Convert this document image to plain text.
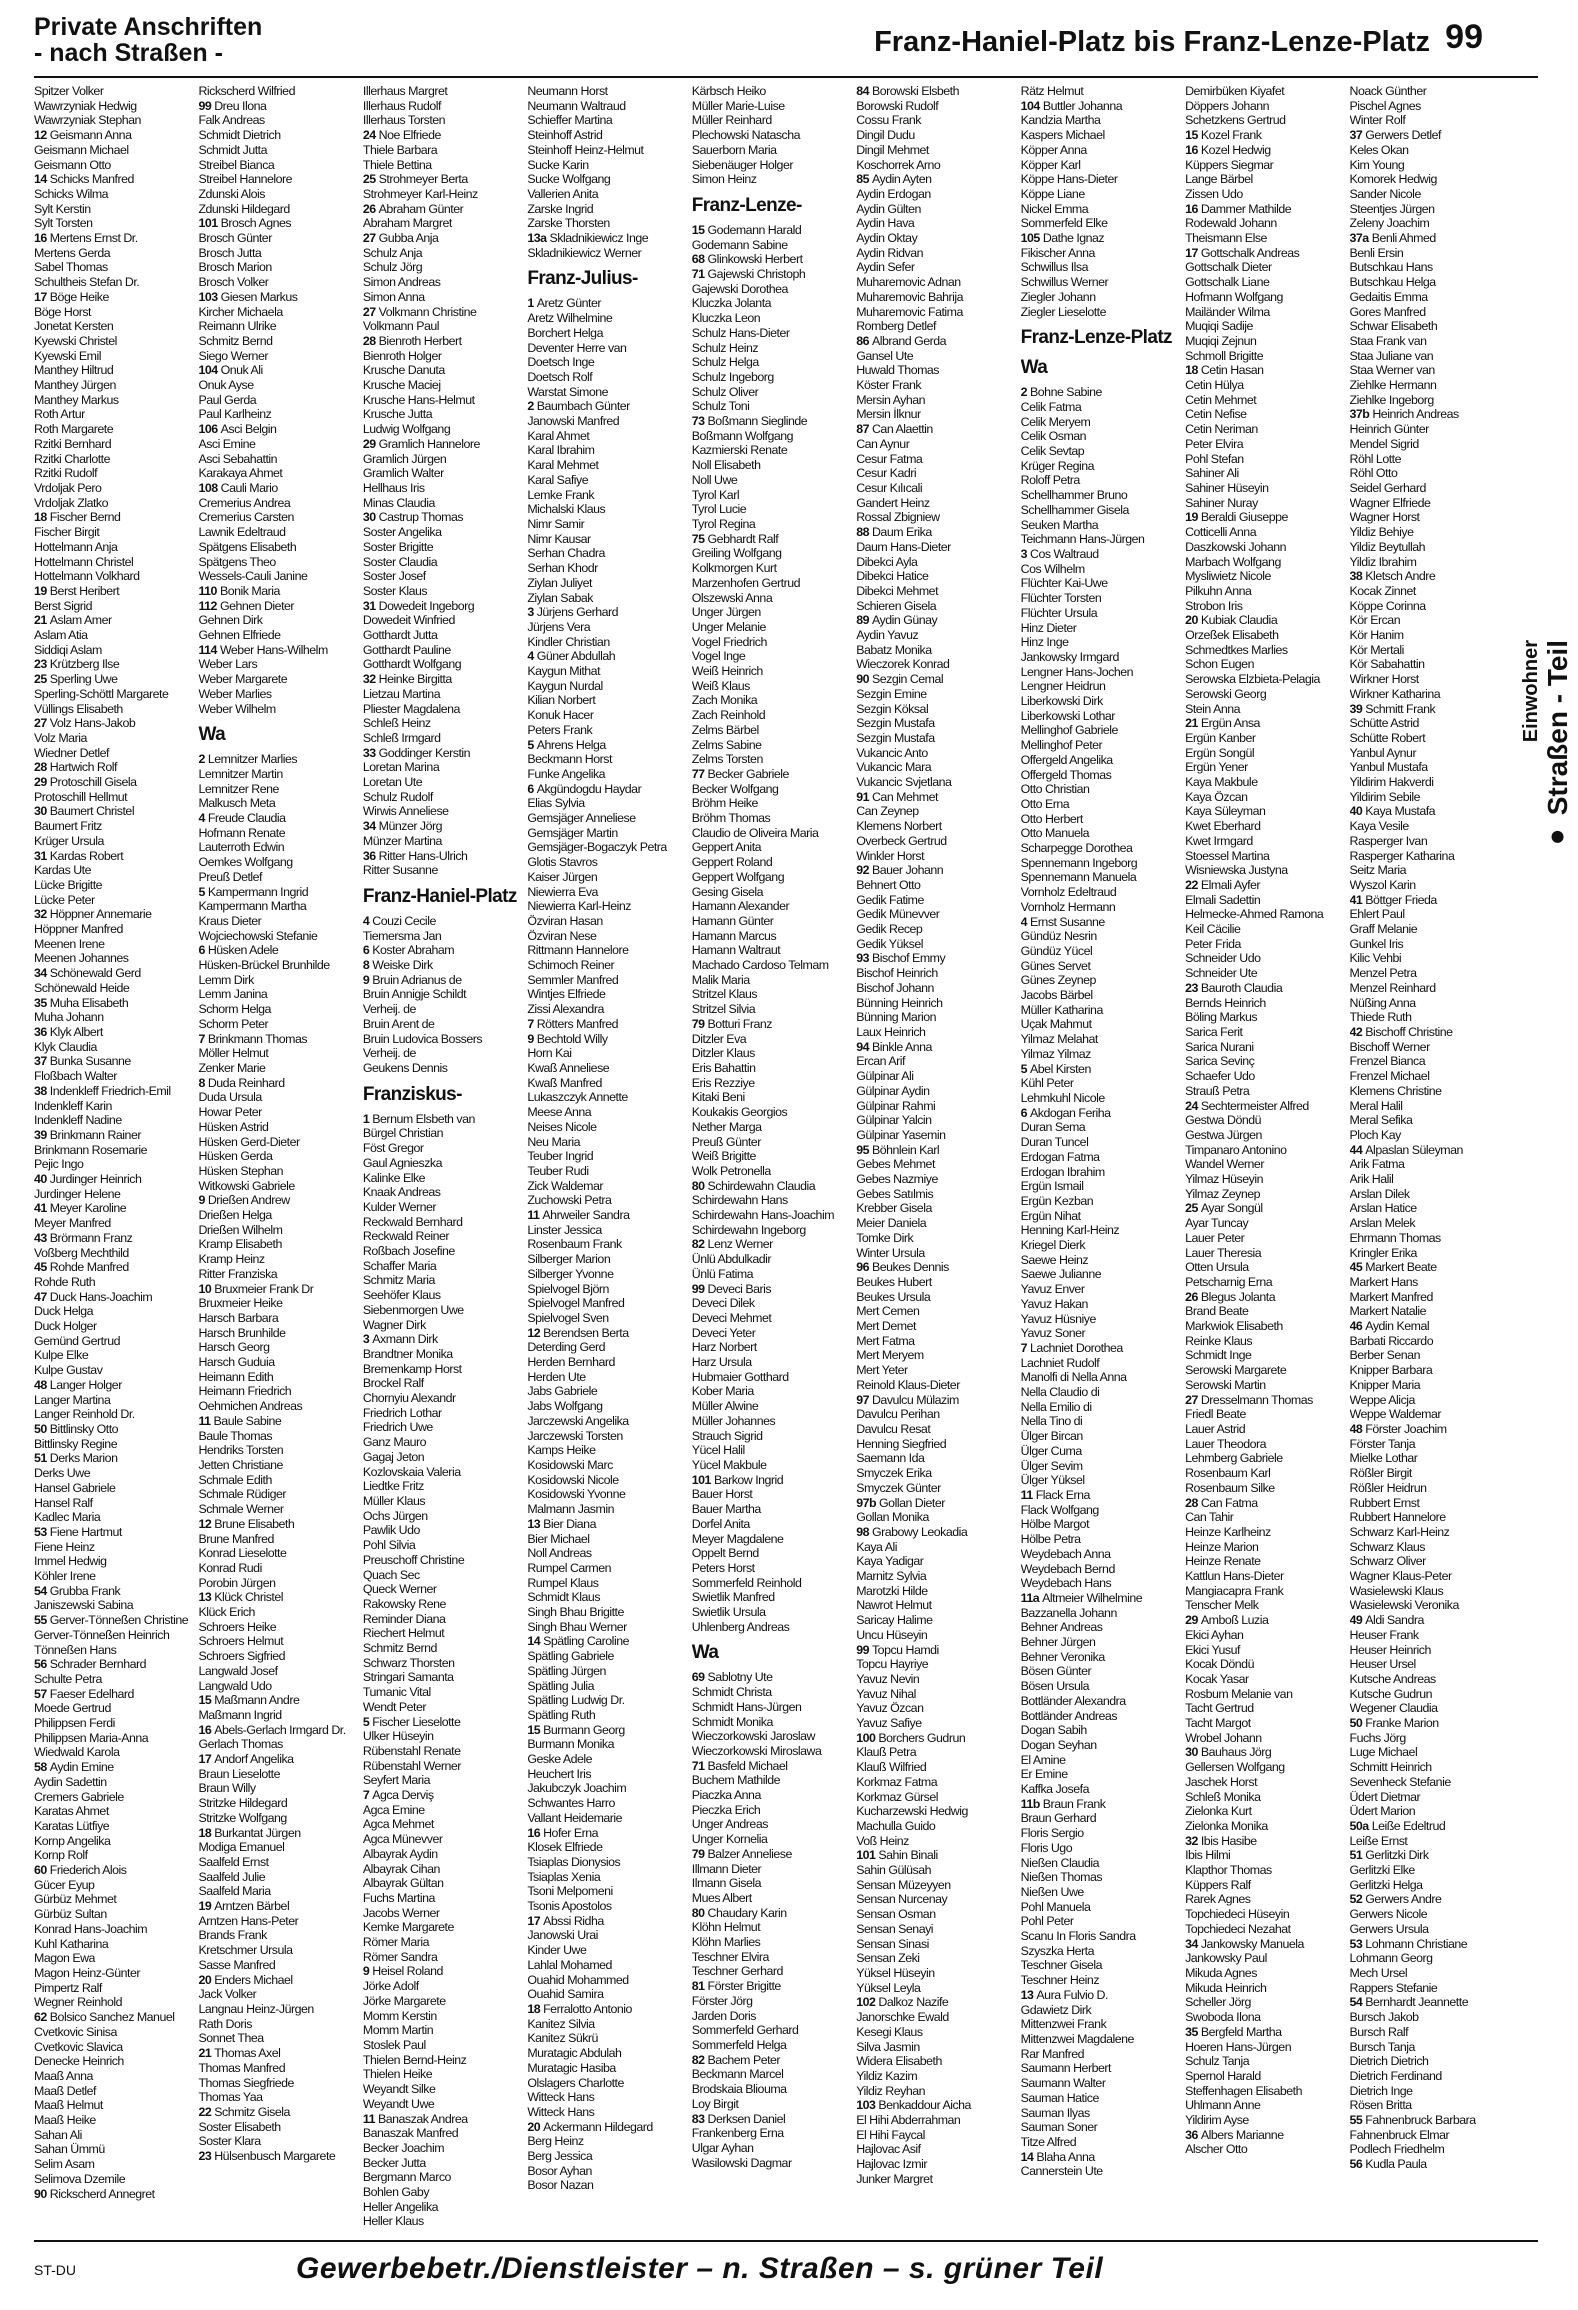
Private Anschriften
- nach Straßen -	Franz-Haniel-Platz bis Franz-Lenze-Platz 99
Spitzer Volker
Wawrzyniak Hedwig
Wawrzyniak Stephan
12 Geismann Anna
Geismann Michael
Geismann Otto
14 Schicks Manfred
Schicks Wilma
Sylt Kerstin
Sylt Torsten
16 Mertens Ernst Dr.
Mertens Gerda
Sabel Thomas
Schultheis Stefan Dr.
17 Böge Heike
Böge Horst
Jonetat Kersten
Kyewski Christel
Kyewski Emil
Manthey Hiltrud
Manthey Jürgen
Manthey Markus
Roth Artur
Roth Margarete
Rzitki Bernhard
Rzitki Charlotte
Rzitki Rudolf
Vrdoljak Pero
Vrdoljak Zlatko
18 Fischer Bernd
Fischer Birgit
Hottelmann Anja
Hottelmann Christel
Hottelmann Volkhard
19 Berst Heribert
Berst Sigrid
21 Aslam Amer
Aslam Atia
Siddiqi Aslam
23 Krützberg Ilse
25 Sperling Uwe
Sperling-Schöttl Margarete
Vüllings Elisabeth
27 Volz Hans-Jakob
Volz Maria
Wiedner Detlef
28 Hartwich Rolf
29 Protoschill Gisela
Protoschill Hellmut
30 Baumert Christel
Baumert Fritz
Krüger Ursula
31 Kardas Robert
Kardas Ute
Lücke Brigitte
Lücke Peter
32 Höppner Annemarie
Höppner Manfred
Meenen Irene
Meenen Johannes
34 Schönewald Gerd
Schönewald Heide
35 Muha Elisabeth
Muha Johann
36 Klyk Albert
Klyk Claudia
37 Bunka Susanne
Floßbach Walter
38 Indenkleff Friedrich-Emil
Indenkleff Karin
Indenkleff Nadine
39 Brinkmann Rainer
Brinkmann Rosemarie
Pejic Ingo
40 Jurdinger Heinrich
Jurdinger Helene
41 Meyer Karoline
Meyer Manfred
43 Brörmann Franz
Voßberg Mechthild
45 Rohde Manfred
Rohde Ruth
47 Duck Hans-Joachim
Duck Helga
Duck Holger
Gemünd Gertrud
Kulpe Elke
Kulpe Gustav
48 Langer Holger
Langer Martina
Langer Reinhold Dr.
50 Bittlinsky Otto
Bittlinsky Regine
51 Derks Marion
Derks Uwe
Hansel Gabriele
Hansel Ralf
Kadlec Maria
53 Fiene Hartmut
Fiene Heinz
Immel Hedwig
Köhler Irene
54 Grubba Frank
Janiszewski Sabina
55 Gerver-Tönneßen Christine
Gerver-Tönneßen Heinrich
Tönneßen Hans
56 Schrader Bernhard
Schulte Petra
57 Faeser Edelhard
Moede Gertrud
Philippsen Ferdi
Philippsen Maria-Anna
Wiedwald Karola
58 Aydin Emine
Aydin Sadettin
Cremers Gabriele
Karatas Ahmet
Karatas Lütfiye
Kornp Angelika
Kornp Rolf
60 Friederich Alois
Gücer Eyup
Gürbüz Mehmet
Gürbüz Sultan
Konrad Hans-Joachim
Kuhl Katharina
Magon Ewa
Magon Heinz-Günter
Pimpertz Ralf
Wegner Reinhold
62 Bolsico Sanchez Manuel
Cvetkovic Sinisa
Cvetkovic Slavica
Denecke Heinrich
Maaß Anna
Maaß Detlef
Maaß Helmut
Maaß Heike
Sahan Ali
Sahan Ümmü
Selim Asam
Selimova Dzemile
90 Rickscherd Annegret
Rickscherd Wilfried
99 Dreu Ilona
Falk Andreas
Schmidt Dietrich
Schmidt Jutta
Streibel Bianca
Streibel Hannelore
Zdunski Alois
Zdunski Hildegard
101 Brosch Agnes
Brosch Günter
Brosch Jutta
Brosch Marion
Brosch Volker
103 Giesen Markus
Kircher Michaela
Reimann Ulrike
Schmitz Bernd
Siego Werner
104 Onuk Ali
Onuk Ayse
Paul Gerda
Paul Karlheinz
106 Asci Belgin
Asci Emine
Asci Sebahattin
Karakaya Ahmet
108 Cauli Mario
Cremerius Andrea
Cremerius Carsten
Lawnik Edeltraud
Spätgens Elisabeth
Spätgens Theo
Wessels-Cauli Janine
110 Bonik Maria
112 Gehnen Dieter
Gehnen Dirk
Gehnen Elfriede
114 Weber Hans-Wilhelm
Weber Lars
Weber Margarete
Weber Marlies
Weber Wilhelm
Wa
2 Lemnitzer Marlies
Lemnitzer Martin
Lemnitzer Rene
Malkusch Meta
4 Freude Claudia
Hofmann Renate
Lauterroth Edwin
Oemkes Wolfgang
Preuß Detlef
5 Kampermann Ingrid
Kampermann Martha
Kraus Dieter
Wojciechowski Stefanie
6 Hüsken Adele
Hüsken-Brückel Brunhilde
Lemm Dirk
Lemm Janina
Schorm Helga
Schorm Peter
7 Brinkmann Thomas
Möller Helmut
Zenker Marie
8 Duda Reinhard
Duda Ursula
Howar Peter
Hüsken Astrid
Hüsken Gerd-Dieter
Hüsken Gerda
Hüsken Stephan
Witkowski Gabriele
9 Drießen Andrew
Drießen Helga
Drießen Wilhelm
Kramp Elisabeth
Kramp Heinz
Ritter Franziska
10 Bruxmeier Frank Dr
Bruxmeier Heike
Harsch Barbara
Harsch Brunhilde
Harsch Georg
Harsch Guduia
Heimann Edith
Heimann Friedrich
Oehmichen Andreas
11 Baule Sabine
Baule Thomas
Hendriks Torsten
Jetten Christiane
Schmale Edith
Schmale Rüdiger
Schmale Werner
12 Brune Elisabeth
Brune Manfred
Konrad Lieselotte
Konrad Rudi
Porobin Jürgen
13 Klück Christel
Klück Erich
Schroers Heike
Schroers Helmut
Schroers Sigfried
Langwald Josef
Langwald Udo
15 Maßmann Andre
Maßmann Ingrid
16 Abels-Gerlach Irmgard Dr.
Gerlach Thomas
17 Andorf Angelika
Braun Lieselotte
Braun Willy
Stritzke Hildegard
Stritzke Wolfgang
18 Burkantat Jürgen
Modiga Emanuel
Saalfeld Ernst
Saalfeld Julie
Saalfeld Maria
19 Arntzen Bärbel
Arntzen Hans-Peter
Brands Frank
Kretschmer Ursula
Sasse Manfred
20 Enders Michael
Jack Volker
Langnau Heinz-Jürgen
Rath Doris
Sonnet Thea
21 Thomas Axel
Thomas Manfred
Thomas Siegfriede
Thomas Yaa
22 Schmitz Gisela
Soster Elisabeth
Soster Klara
23 Hülsenbusch Margarete
Illerhaus Margret
Illerhaus Rudolf
Illerhaus Torsten
24 Noe Elfriede
Thiele Barbara
Thiele Bettina
25 Strohmeyer Berta
Strohmeyer Karl-Heinz
26 Abraham Günter
Abraham Margret
27 Gubba Anja
Schulz Anja
Schulz Jörg
Simon Andreas
Simon Anna
27 Volkmann Christine
Volkmann Paul
28 Bienroth Herbert
Bienroth Holger
Krusche Danuta
Krusche Maciej
Krusche Hans-Helmut
Krusche Jutta
Ludwig Wolfgang
29 Gramlich Hannelore
Gramlich Jürgen
Gramlich Walter
Hellhaus Iris
Minas Claudia
30 Castrup Thomas
Soster Angelika
Soster Brigitte
Soster Claudia
Soster Josef
Soster Klaus
31 Dowedeit Ingeborg
Dowedeit Winfried
Gotthardt Jutta
Gotthardt Pauline
Gotthardt Wolfgang
32 Heinke Birgitta
Lietzau Martina
Pliester Magdalena
Schleß Heinz
Schleß Irmgard
33 Goddinger Kerstin
Loretan Marina
Loretan Ute
Schulz Rudolf
Wirwis Anneliese
34 Münzer Jörg
Münzer Martina
36 Ritter Hans-Ulrich
Ritter Susanne
Franz-Haniel-Platz
4 Couzi Cecile
Tiemersma Jan
6 Koster Abraham
8 Weiske Dirk
9 Bruin Adrianus de
Bruin Annigje Schildt
Verheij. de
Bruin Arent de
Bruin Ludovica Bossers
Verheij. de
Geukens Dennis
Franziskus-
1 Bernum Elsbeth van
Bürgel Christian
Föst Gregor
Gaul Agnieszka
Kalinke Elke
Knaak Andreas
Kulder Werner
Reckwald Bernhard
Reckwald Reiner
Roßbach Josefine
Schaffer Maria
Schmitz Maria
Seehöfer Klaus
Siebenmorgen Uwe
Wagner Dirk
3 Axmann Dirk
Brandtner Monika
Bremenkamp Horst
Brockel Ralf
Chornyiu Alexandr
Friedrich Lothar
Friedrich Uwe
Ganz Mauro
Gagaj Jeton
Kozlovskaia Valeria
Liedtke Fritz
Müller Klaus
Ochs Jürgen
Pawlik Udo
Pohl Silvia
Preuschoff Christine
Quach Sec
Queck Werner
Rakowsky Rene
Reminder Diana
Riechert Helmut
Schmitz Bernd
Schwarz Thorsten
Stringari Samanta
Tumanic Vital
Wendt Peter
5 Fischer Lieselotte
Ulker Hüseyin
Rübenstahl Renate
Rübenstahl Werner
Seyfert Maria
7 Agca Derviş
Agca Emine
Agca Mehmet
Agca Münevver
Albayrak Aydin
Albayrak Cihan
Albayrak Gültan
Fuchs Martina
Jacobs Werner
Kemke Margarete
Römer Maria
Römer Sandra
9 Heisel Roland
Jörke Adolf
Jörke Margarete
Momm Kerstin
Momm Martin
Stoslek Paul
Thielen Bernd-Heinz
Thielen Heike
Weyandt Silke
Weyandt Uwe
11 Banaszak Andrea
Banaszak Manfred
Becker Joachim
Becker Jutta
Bergmann Marco
Bohlen Gaby
Heller Angelika
Heller Klaus
Neumann Horst
Neumann Waltraud
Schieffer Martina
Steinhoff Astrid
Steinhoff Heinz-Helmut
Sucke Karin
Sucke Wolfgang
Vallerien Anita
Zarske Ingrid
Zarske Thorsten
13a Skladnikiewicz Inge
Skladnikiewicz Werner
Franz-Julius-
1 Aretz Günter
Aretz Wilhelmine
Borchert Helga
Deventer Herre van
Doetsch Inge
Doetsch Rolf
Warstat Simone
2 Baumbach Günter
Janowski Manfred
Karal Ahmet
Karal Ibrahim
Karal Mehmet
Karal Safiye
Lemke Frank
Michalski Klaus
Nimr Samir
Nimr Kausar
Serhan Chadra
Serhan Khodr
Ziylan Juliyet
Ziylan Sabak
3 Jürjens Gerhard
Jürjens Vera
Kindler Christian
4 Güner Abdullah
Kaygun Mithat
Kaygun Nurdal
Kilian Norbert
Konuk Hacer
Peters Frank
5 Ahrens Helga
Beckmann Horst
Funke Angelika
6 Akgündogdu Haydar
Elias Sylvia
Gemsjäger Anneliese
Gemsjäger Martin
Gemsjäger-Bogaczyk Petra
Glotis Stavros
Kaiser Jürgen
Niewierra Eva
Niewierra Karl-Heinz
Özviran Hasan
Özviran Nese
Rittmann Hannelore
Schimoch Reiner
Semmler Manfred
Wintjes Elfriede
Zissi Alexandra
7 Rötters Manfred
9 Bechtold Willy
Horn Kai
Kwaß Anneliese
Kwaß Manfred
Lukaszczyk Annette
Meese Anna
Neises Nicole
Neu Maria
Teuber Ingrid
Teuber Rudi
Zick Waldemar
Zuchowski Petra
11 Ahrweiler Sandra
Linster Jessica
Rosenbaum Frank
Silberger Marion
Silberger Yvonne
Spielvogel Björn
Spielvogel Manfred
Spielvogel Sven
12 Berendsen Berta
Deterding Gerd
Herden Bernhard
Herden Ute
Jabs Gabriele
Jabs Wolfgang
Jarczewski Angelika
Jarczewski Torsten
Kamps Heike
Kosidowski Marc
Kosidowski Nicole
Kosidowski Yvonne
Malmann Jasmin
13 Bier Diana
Bier Michael
Noll Andreas
Rumpel Carmen
Rumpel Klaus
Schmidt Klaus
Singh Bhau Brigitte
Singh Bhau Werner
14 Spätling Caroline
Spätling Gabriele
Spätling Jürgen
Spätling Julia
Spätling Ludwig Dr.
Spätling Ruth
15 Burmann Georg
Burmann Monika
Geske Adele
Heuchert Iris
Jakubczyk Joachim
Schwantes Harro
Vallant Heidemarie
16 Hofer Erna
Klosek Elfriede
Tsiaplas Dionysios
Tsiaplas Xenia
Tsoni Melpomeni
Tsonis Apostolos
17 Abssi Ridha
Janowski Urai
Kinder Uwe
Lahlal Mohamed
Ouahid Mohammed
Ouahid Samira
18 Ferralotto Antonio
Kanitez Silvia
Kanitez Sükrü
Muratagic Abdulah
Muratagic Hasiba
Olslagers Charlotte
Witteck Hans
Witteck Hans
20 Ackermann Hildegard
Berg Heinz
Berg Jessica
Bosor Ayhan
Bosor Nazan
Kärbsch Heiko
Müller Marie-Luise
Müller Reinhard
Plechowski Natascha
Sauerborn Maria
Siebenäuger Holger
Simon Heinz
Franz-Lenze-
15 Godemann Harald
Godemann Sabine
68 Glinkowski Herbert
71 Gajewski Christoph
Gajewski Dorothea
Kluczka Jolanta
Kluczka Leon
Schulz Hans-Dieter
Schulz Heinz
Schulz Helga
Schulz Ingeborg
Schulz Oliver
Schulz Toni
73 Boßmann Sieglinde
Boßmann Wolfgang
Kazmierski Renate
Noll Elisabeth
Noll Uwe
Tyrol Karl
Tyrol Lucie
Tyrol Regina
75 Gebhardt Ralf
Greiling Wolfgang
Kolkmorgen Kurt
Marzenhofen Gertrud
Olszewski Anna
Unger Jürgen
Unger Melanie
Vogel Friedrich
Vogel Inge
Weiß Heinrich
Weiß Klaus
Zach Monika
Zach Reinhold
Zelms Bärbel
Zelms Sabine
Zelms Torsten
77 Becker Gabriele
Becker Wolfgang
Bröhm Heike
Bröhm Thomas
Claudio de Oliveira Maria
Geppert Anita
Geppert Roland
Geppert Wolfgang
Gesing Gisela
Hamann Alexander
Hamann Günter
Hamann Marcus
Hamann Waltraut
Machado Cardoso Telmam
Malik Maria
Stritzel Klaus
Stritzel Silvia
79 Botturi Franz
Ditzler Eva
Ditzler Klaus
Eris Bahattin
Eris Rezziye
Kitaki Beni
Koukakis Georgios
Nether Marga
Preuß Günter
Weiß Brigitte
Wolk Petronella
80 Schirdewahn Claudia
Schirdewahn Hans
Schirdewahn Hans-Joachim
Schirdewahn Ingeborg
82 Lenz Werner
Ünlü Abdulkadir
Ünlü Fatima
99 Deveci Baris
Deveci Dilek
Deveci Mehmet
Deveci Yeter
Harz Norbert
Harz Ursula
Hubmaier Gotthard
Kober Maria
Müller Alwine
Müller Johannes
Strauch Sigrid
Yücel Halil
Yücel Makbule
101 Barkow Ingrid
Bauer Horst
Bauer Martha
Dorfel Anita
Meyer Magdalene
Oppelt Bernd
Peters Horst
Sommerfeld Reinhold
Swietlik Manfred
Swietlik Ursula
Uhlenberg Andreas
Wa
69 Sablotny Ute
Schmidt Christa
Schmidt Hans-Jürgen
Schmidt Monika
Wieczorkowski Jaroslaw
Wieczorkowski Miroslawa
71 Basfeld Michael
Buchem Mathilde
Piaczka Anna
Pieczka Erich
Unger Andreas
Unger Kornelia
79 Balzer Anneliese
Illmann Dieter
Ilmann Gisela
Mues Albert
80 Chaudary Karin
Klöhn Helmut
Klöhn Marlies
Teschner Elvira
Teschner Gerhard
81 Förster Brigitte
Förster Jörg
Jarden Doris
Sommerfeld Gerhard
Sommerfeld Helga
82 Bachem Peter
Beckmann Marcel
Brodskaia Bliouma
Loy Birgit
83 Derksen Daniel
Frankenberg Erna
Ulgar Ayhan
Wasilowski Dagmar
84 Borowski Elsbeth
Borowski Rudolf
Cossu Frank
Dingil Dudu
Dingil Mehmet
Koschorrek Arno
85 Aydin Ayten
Aydin Erdogan
Aydin Gülten
Aydin Hava
Aydin Oktay
Aydin Ridvan
Aydin Sefer
Muharemovic Adnan
Muharemovic Bahrija
Muharemovic Fatima
Romberg Detlef
86 Albrand Gerda
Gansel Ute
Huwald Thomas
Köster Frank
Mersin Ayhan
Mersin İlknur
87 Can Alaettin
Can Aynur
Cesur Fatma
Cesur Kadri
Cesur Kılıcali
Gandert Heinz
Rossal Zbigniew
88 Daum Erika
Daum Hans-Dieter
Dibekci Ayla
Dibekci Hatice
Dibekci Mehmet
Schieren Gisela
89 Aydin Günay
Aydin Yavuz
Babatz Monika
Wieczorek Konrad
90 Sezgin Cemal
Sezgin Emine
Sezgin Köksal
Sezgin Mustafa
Sezgin Mustafa
Vukancic Anto
Vukancic Mara
Vukancic Svjetlana
91 Can Mehmet
Can Zeynep
Klemens Norbert
Overbeck Gertrud
Winkler Horst
92 Bauer Johann
Behnert Otto
Gedik Fatime
Gedik Münevver
Gedik Recep
Gedik Yüksel
93 Bischof Emmy
Bischof Heinrich
Bischof Johann
Bünning Heinrich
Bünning Marion
Laux Heinrich
94 Binkle Anna
Ercan Arif
Gülpinar Ali
Gülpinar Aydin
Gülpinar Rahmi
Gülpinar Yalcin
Gülpinar Yasemin
95 Böhnlein Karl
Gebes Mehmet
Gebes Nazmiye
Gebes Satılmis
Krebber Gisela
Meier Daniela
Tomke Dirk
Winter Ursula
96 Beukes Dennis
Beukes Hubert
Beukes Ursula
Mert Cemen
Mert Demet
Mert Fatma
Mert Meryem
Mert Yeter
Reinold Klaus-Dieter
97 Davulcu Mülazim
Davulcu Perihan
Davulcu Resat
Henning Siegfried
Saemann Ida
Smyczek Erika
Smyczek Günter
97b Gollan Dieter
Gollan Monika
98 Grabowy Leokadia
Kaya Ali
Kaya Yadigar
Marnitz Sylvia
Marotzki Hilde
Nawrot Helmut
Saricay Halime
Uncu Hüseyin
99 Topcu Hamdi
Topcu Hayriye
Yavuz Nevin
Yavuz Nihal
Yavuz Özcan
Yavuz Safiye
100 Borchers Gudrun
Klauß Petra
Klauß Wilfried
Korkmaz Fatma
Korkmaz Gürsel
Kucharzewski Hedwig
Machulla Guido
Voß Heinz
101 Sahin Binali
Sahin Gülüsah
Sensan Müzeyyen
Sensan Nurcenay
Sensan Osman
Sensan Senayi
Sensan Sinasi
Sensan Zeki
Yüksel Hüseyin
Yüksel Leyla
102 Dalkoz Nazife
Janorschke Ewald
Kesegi Klaus
Silva Jasmin
Widera Elisabeth
Yildiz Kazim
Yildiz Reyhan
103 Benkaddour Aicha
El Hihi Abderrahman
El Hihi Faycal
Hajlovac Asif
Hajlovac Izmir
Junker Margret
Rätz Helmut
104 Buttler Johanna
Kandzia Martha
Kaspers Michael
Köpper Anna
Köpper Karl
Köppe Hans-Dieter
Köppe Liane
Nickel Emma
Sommerfeld Elke
105 Dathe Ignaz
Fikischer Anna
Schwillus Ilsa
Schwillus Werner
Ziegler Johann
Ziegler Lieselotte
Franz-Lenze-Platz
Wa
2 Bohne Sabine
Celik Fatma
Celik Meryem
Celik Osman
Celik Sevtap
Krüger Regina
Roloff Petra
Schellhammer Bruno
Schellhammer Gisela
Seuken Martha
Teichmann Hans-Jürgen
3 Cos Waltraud
Cos Wilhelm
Flüchter Kai-Uwe
Flüchter Torsten
Flüchter Ursula
Hinz Dieter
Hinz Inge
Jankowsky Irmgard
Lengner Hans-Jochen
Lengner Heidrun
Liberkowski Dirk
Liberkowski Lothar
Mellinghof Gabriele
Mellinghof Peter
Offergeld Angelika
Offergeld Thomas
Otto Christian
Otto Erna
Otto Herbert
Otto Manuela
Scharpegge Dorothea
Spennemann Ingeborg
Spennemann Manuela
Vornholz Edeltraud
Vornholz Hermann
4 Ernst Susanne
Gündüz Nesrin
Gündüz Yücel
Günes Servet
Günes Zeynep
Jacobs Bärbel
Müller Katharina
Uçak Mahmut
Yilmaz Melahat
Yilmaz Yilmaz
5 Abel Kirsten
Kühl Peter
Lehmkuhl Nicole
6 Akdogan Feriha
Duran Sema
Duran Tuncel
Erdogan Fatma
Erdogan Ibrahim
Ergün Ismail
Ergün Kezban
Ergün Nihat
Henning Karl-Heinz
Kriegel Dierk
Saewe Heinz
Saewe Julianne
Yavuz Enver
Yavuz Hakan
Yavuz Hüsniye
Yavuz Soner
7 Lachniet Dorothea
Lachniet Rudolf
Manolfi di Nella Anna
Nella Claudio di
Nella Emilio di
Nella Tino di
Ülger Bircan
Ülger Cuma
Ülger Sevim
Ülger Yüksel
11 Flack Erna
Flack Wolfgang
Hölbe Margot
Hölbe Petra
Weydebach Anna
Weydebach Bernd
Weydebach Hans
11a Altmeier Wilhelmine
Bazzanella Johann
Behner Andreas
Behner Jürgen
Behner Veronika
Bösen Günter
Bösen Ursula
Bottländer Alexandra
Bottländer Andreas
Dogan Sabih
Dogan Seyhan
El Amine
Er Emine
Kaffka Josefa
11b Braun Frank
Braun Gerhard
Floris Sergio
Floris Ugo
Nießen Claudia
Nießen Thomas
Nießen Uwe
Pohl Manuela
Pohl Peter
Scanu In Floris Sandra
Szyszka Herta
Teschner Gisela
Teschner Heinz
13 Aura Fulvio D.
Gdawietz Dirk
Mittenzwei Frank
Mittenzwei Magdalene
Rar Manfred
Saumann Herbert
Saumann Walter
Sauman Hatice
Sauman Ilyas
Sauman Soner
Titze Alfred
14 Blaha Anna
Cannerstein Ute
Demirbüken Kiyafet
Döppers Johann
Schetzkens Gertrud
15 Kozel Frank
16 Kozel Hedwig
Küppers Siegmar
Lange Bärbel
Zissen Udo
16 Dammer Mathilde
Rodewald Johann
Theismann Else
17 Gottschalk Andreas
Gottschalk Dieter
Gottschalk Liane
Hofmann Wolfgang
Mailänder Wilma
Muqiqi Sadije
Muqiqi Zejnun
Schmoll Brigitte
18 Cetin Hasan
Cetin Hülya
Cetin Mehmet
Cetin Nefise
Cetin Neriman
Peter Elvira
Pohl Stefan
Sahiner Ali
Sahiner Hüseyin
Sahiner Nuray
19 Beraldi Giuseppe
Cotticelli Anna
Daszkowski Johann
Marbach Wolfgang
Mysliwietz Nicole
Pilkuhn Anna
Strobon Iris
20 Kubiak Claudia
Orzeßek Elisabeth
Schmedtkes Marlies
Schon Eugen
Serowska Elzbieta-Pelagia
Serowski Georg
Stein Anna
21 Ergün Ansa
Ergün Kanber
Ergün Songül
Ergün Yener
Kaya Makbule
Kaya Özcan
Kaya Süleyman
Kwet Eberhard
Kwet Irmgard
Stoessel Martina
Wisniewska Justyna
22 Elmali Ayfer
Elmali Sadettin
Helmecke-Ahmed Ramona
Keil Cäcilie
Peter Frida
Schneider Udo
Schneider Ute
23 Bauroth Claudia
Bernds Heinrich
Böling Markus
Sarica Ferit
Sarica Nurani
Sarica Sevinç
Schaefer Udo
Strauß Petra
24 Sechtermeister Alfred
Gestwa Döndü
Gestwa Jürgen
Timpanaro Antonino
Wandel Werner
Yilmaz Hüseyin
Yilmaz Zeynep
25 Ayar Songül
Ayar Tuncay
Lauer Peter
Lauer Theresia
Otten Ursula
Petscharnig Erna
26 Blegus Jolanta
Brand Beate
Markwiok Elisabeth
Reinke Klaus
Schmidt Inge
Serowski Margarete
Serowski Martin
27 Dresselmann Thomas
Friedl Beate
Lauer Astrid
Lauer Theodora
Lehmberg Gabriele
Rosenbaum Karl
Rosenbaum Silke
28 Can Fatma
Can Tahir
Heinze Karlheinz
Heinze Marion
Heinze Renate
Kattlun Hans-Dieter
Mangiacapra Frank
Tenscher Melk
29 Amboß Luzia
Ekici Ayhan
Ekici Yusuf
Kocak Döndü
Kocak Yasar
Rosbum Melanie van
Tacht Gertrud
Tacht Margot
Wrobel Johann
30 Bauhaus Jörg
Gellersen Wolfgang
Jaschek Horst
Schleß Monika
Zielonka Kurt
Zielonka Monika
32 Ibis Hasibe
Ibis Hilmi
Klapthor Thomas
Küppers Ralf
Rarek Agnes
Topchiedeci Hüseyin
Topchiedeci Nezahat
34 Jankowsky Manuela
Jankowsky Paul
Mikuda Agnes
Mikuda Heinrich
Scheller Jörg
Swoboda Ilona
35 Bergfeld Martha
Hoeren Hans-Jürgen
Schulz Tanja
Spernol Harald
Steffenhagen Elisabeth
Uhlmann Anne
Yildirim Ayse
36 Albers Marianne
Alscher Otto
Noack Günther
Pischel Agnes
Winter Rolf
37 Gerwers Detlef
Keles Okan
Kim Young
Komorek Hedwig
Sander Nicole
Steentjes Jürgen
Zeleny Joachim
37a Benli Ahmed
Benli Ersin
Butschkau Hans
Butschkau Helga
Gedaitis Emma
Gores Manfred
Schwar Elisabeth
Staa Frank van
Staa Juliane van
Staa Werner van
Ziehlke Hermann
Ziehlke Ingeborg
37b Heinrich Andreas
Heinrich Günter
Mendel Sigrid
Röhl Lotte
Röhl Otto
Seidel Gerhard
Wagner Elfriede
Wagner Horst
Yildiz Behiye
Yildiz Beytullah
Yildiz Ibrahim
38 Kletsch Andre
Kocak Zinnet
Köppe Corinna
Kör Ercan
Kör Hanim
Kör Mertali
Kör Sabahattin
Wirkner Horst
Wirkner Katharina
39 Schmitt Frank
Schütte Astrid
Schütte Robert
Yanbul Aynur
Yanbul Mustafa
Yildirim Hakverdi
Yildirim Sebile
40 Kaya Mustafa
Kaya Vesile
Rasperger Ivan
Rasperger Katharina
Seitz Maria
Wyszol Karin
41 Böttger Frieda
Ehlert Paul
Graff Melanie
Gunkel Iris
Kilic Vehbi
Menzel Petra
Menzel Reinhard
Nüßing Anna
Thiede Ruth
42 Bischoff Christine
Bischoff Werner
Frenzel Bianca
Frenzel Michael
Klemens Christine
Meral Halil
Meral Sefika
Ploch Kay
44 Alpaslan Süleyman
Arik Fatma
Arik Halil
Arslan Dilek
Arslan Hatice
Arslan Melek
Ehrmann Thomas
Kringler Erika
45 Markert Beate
Markert Hans
Markert Manfred
Markert Natalie
46 Aydin Kemal
Barbati Riccardo
Berber Senan
Knipper Barbara
Knipper Maria
Weppe Alicja
Weppe Waldemar
48 Förster Joachim
Förster Tanja
Mielke Lothar
Rößler Birgit
Rößler Heidrun
Rubbert Ernst
Rubbert Hannelore
Schwarz Karl-Heinz
Schwarz Klaus
Schwarz Oliver
Wagner Klaus-Peter
Wasielewski Klaus
Wasielewski Veronika
49 Aldi Sandra
Heuser Frank
Heuser Heinrich
Heuser Ursel
Kutsche Andreas
Kutsche Gudrun
Wegener Claudia
50 Franke Marion
Fuchs Jörg
Luge Michael
Schmitt Heinrich
Sevenheck Stefanie
Üdert Dietmar
Üdert Marion
50a Leiße Edeltrud
Leiße Ernst
51 Gerlitzki Dirk
Gerlitzki Elke
Gerlitzki Helga
52 Gerwers Andre
Gerwers Nicole
Gerwers Ursula
53 Lohmann Christiane
Lohmann Georg
Mech Ursel
Rappers Stefanie
54 Bernhardt Jeannette
Bursch Jakob
Bursch Ralf
Bursch Tanja
Dietrich Dietrich
Dietrich Ferdinand
Dietrich Inge
Rösen Britta
55 Fahnenbruck Barbara
Fahnenbruck Elmar
Podlech Friedhelm
56 Kudla Paula
Einwohner ● Straßen - Teil
ST-DU	Gewerbebetr./Dienstleister – n. Straßen – s. grüner Teil
